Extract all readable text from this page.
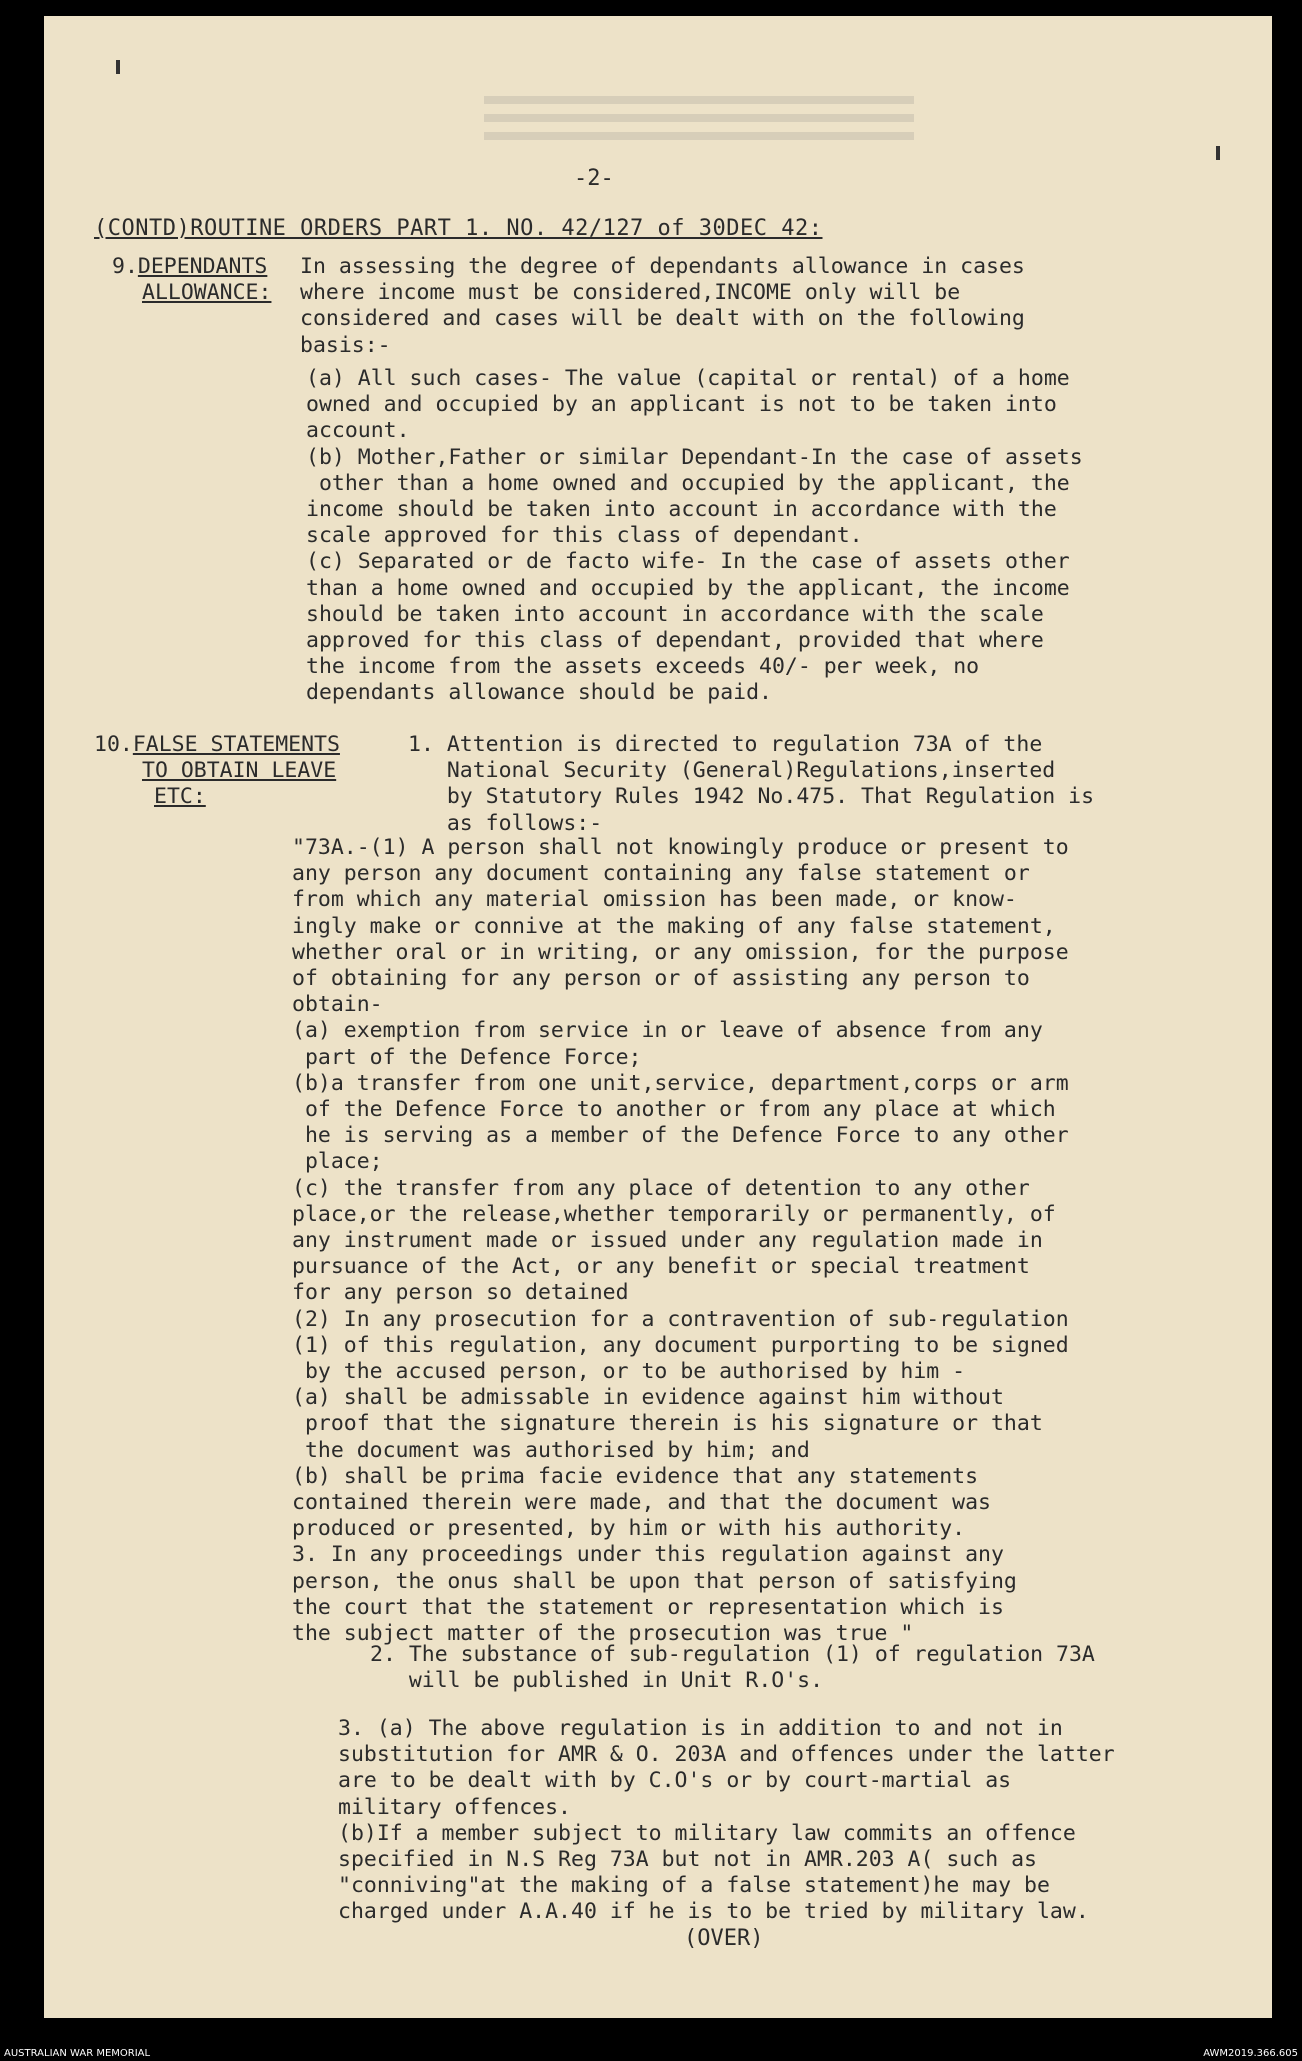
-2-
(CONTD)ROUTINE ORDERS PART 1. NO. 42/127 of 30DEC 42:
9.DEPENDANTS
ALLOWANCE:
In assessing the degree of dependants allowance in cases
where income must be considered,INCOME only will be
considered and cases will be dealt with on the following
basis:-
(a) All such cases- The value (capital or rental) of a home
owned and occupied by an applicant is not to be taken into
account.
(b) Mother,Father or similar Dependant-In the case of assets
other than a home owned and occupied by the applicant, the
income should be taken into account in accordance with the
scale approved for this class of dependant.
(c) Separated or de facto wife- In the case of assets other
than a home owned and occupied by the applicant, the income
should be taken into account in accordance with the scale
approved for this class of dependant, provided that where
the income from the assets exceeds 40/- per week, no
dependants allowance should be paid.
10.FALSE STATEMENTS
TO OBTAIN LEAVE
ETC:
1. Attention is directed to regulation 73A of the
National Security (General)Regulations,inserted
by Statutory Rules 1942 No.475. That Regulation is
as follows:-
"73A.-(1) A person shall not knowingly produce or present to
any person any document containing any false statement or
from which any material omission has been made, or know-
ingly make or connive at the making of any false statement,
whether oral or in writing, or any omission, for the purpose
of obtaining for any person or of assisting any person to
obtain-
(a) exemption from service in or leave of absence from any
part of the Defence Force;
(b)a transfer from one unit,service, department,corps or arm
of the Defence Force to another or from any place at which
he is serving as a member of the Defence Force to any other
place;
(c) the transfer from any place of detention to any other
place,or the release,whether temporarily or permanently, of
any instrument made or issued under any regulation made in
pursuance of the Act, or any benefit or special treatment
for any person so detained
(2) In any prosecution for a contravention of sub-regulation
(1) of this regulation, any document purporting to be signed
by the accused person, or to be authorised by him -
(a) shall be admissable in evidence against him without
proof that the signature therein is his signature or that
the document was authorised by him; and
(b) shall be prima facie evidence that any statements
contained therein were made, and that the document was
produced or presented, by him or with his authority.
3. In any proceedings under this regulation against any
person, the onus shall be upon that person of satisfying
the court that the statement or representation which is
the subject matter of the prosecution was true "
2. The substance of sub-regulation (1) of regulation 73A
will be published in Unit R.O's.
3. (a) The above regulation is in addition to and not in
substitution for AMR & O. 203A and offences under the latter
are to be dealt with by C.O's or by court-martial as
military offences.
(b)If a member subject to military law commits an offence
specified in N.S Reg 73A but not in AMR.203 A( such as
"conniving"at the making of a false statement)he may be
charged under A.A.40 if he is to be tried by military law.
(OVER)
AUSTRALIAN WAR MEMORIAL	AWM2019.366.605
